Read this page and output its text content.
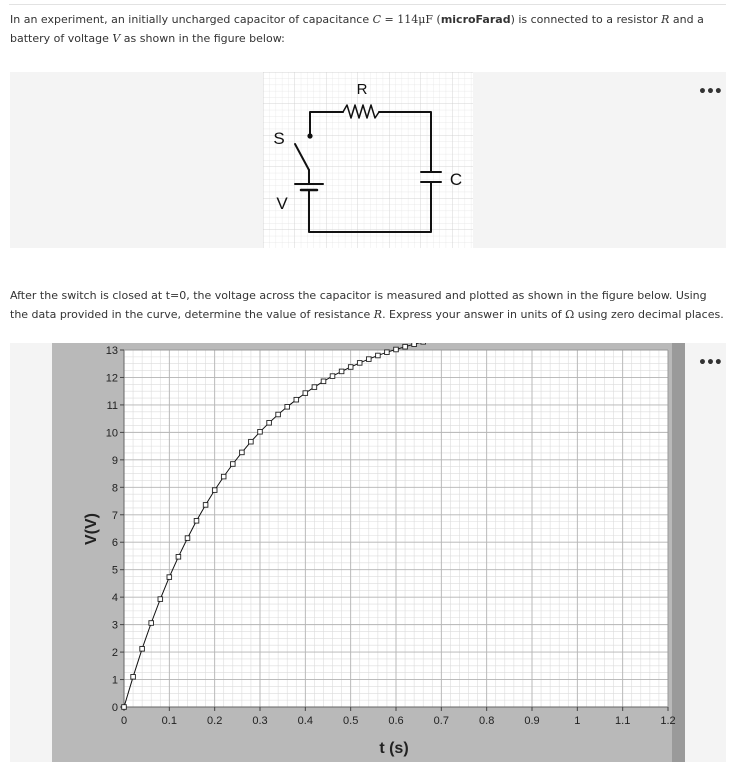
In an experiment, an initially uncharged capacitor of capacitance C = 114μF (microFarad) is connected to a resistor R and a battery of voltage V as shown in the figure below:
R
S
C
V
•••
After the switch is closed at t=0, the voltage across the capacitor is measured and plotted as shown in the figure below. Using the data provided in the curve, determine the value of resistance R. Express your answer in units of Ω using zero decimal places.
0	0.1	0.2	0.3	0.4	0.5	0.6	0.7	0.8	0.9	1	1.1	1.2
0
1
2
3
4
5
6
7
8
9
10
11
12
13
t (s)
V(V)
•••
